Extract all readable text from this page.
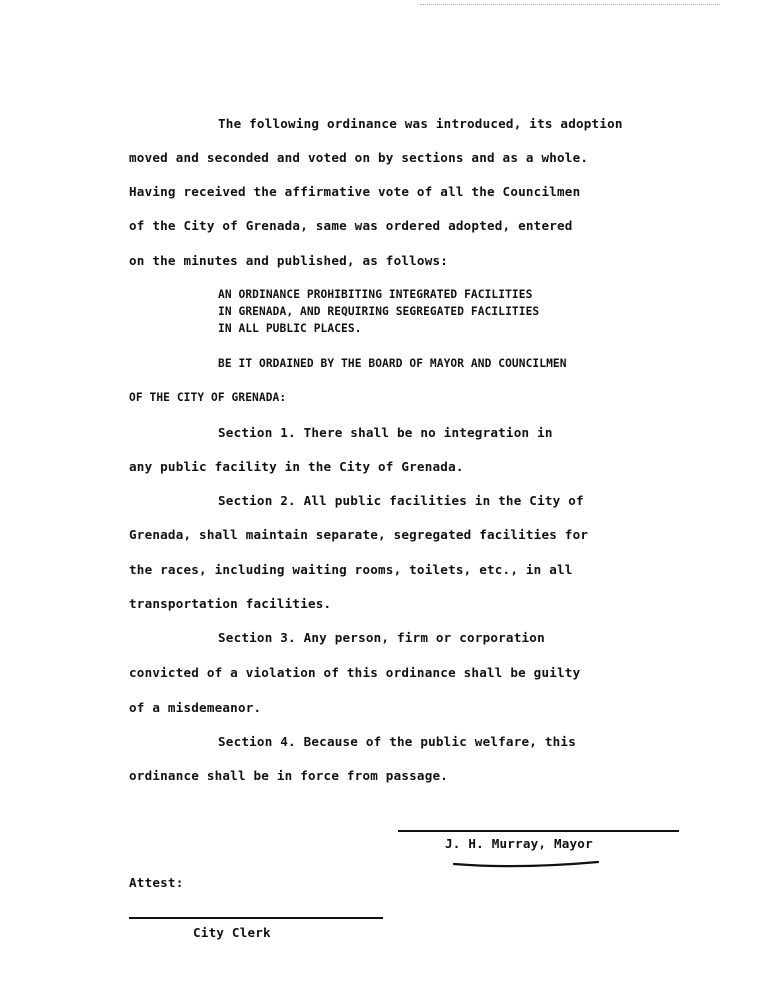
The following ordinance was introduced, its adoption
moved and seconded and voted on by sections and as a whole.
Having received the affirmative vote of all the Councilmen
of the City of Grenada, same was ordered adopted, entered
on the minutes and published, as follows:
AN ORDINANCE PROHIBITING INTEGRATED FACILITIES
IN GRENADA, AND REQUIRING SEGREGATED FACILITIES
IN ALL PUBLIC PLACES.
BE IT ORDAINED BY THE BOARD OF MAYOR AND COUNCILMEN
OF THE CITY OF GRENADA:
Section 1. There shall be no integration in
any public facility in the City of Grenada.
Section 2. All public facilities in the City of
Grenada, shall maintain separate, segregated facilities for
the races, including waiting rooms, toilets, etc., in all
transportation facilities.
Section 3. Any person, firm or corporation
convicted of a violation of this ordinance shall be guilty
of a misdemeanor.
Section 4. Because of the public welfare, this
ordinance shall be in force from passage.
J. H. Murray, Mayor
Attest:
City Clerk
